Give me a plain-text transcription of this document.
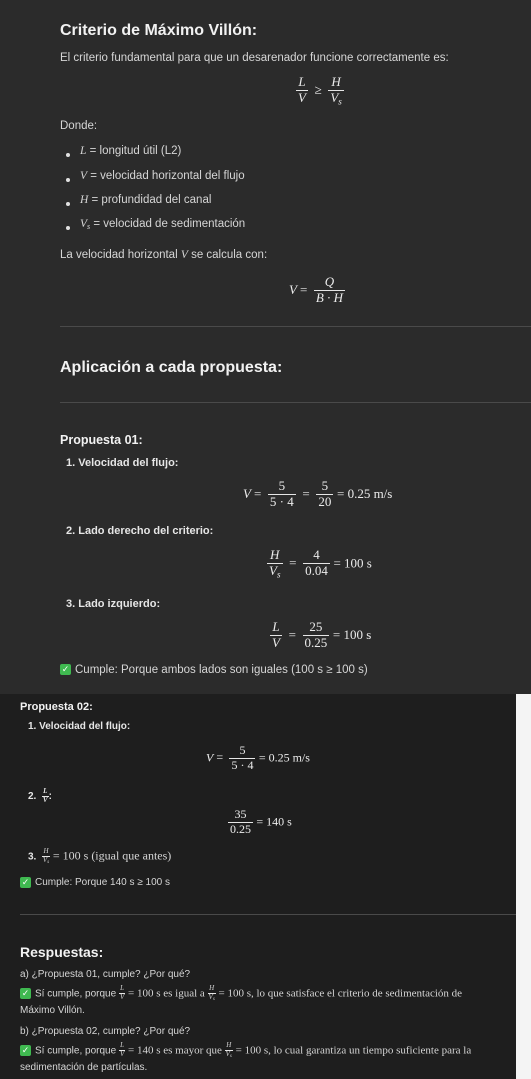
Criterio de Máximo Villón:
El criterio fundamental para que un desarenador funcione correctamente es:
$\frac{L}{V} \ge \frac{H}{V_s}$
Donde:
L = longitud útil (L2)
V = velocidad horizontal del flujo
H = profundidad del canal
$V_s$ = velocidad de sedimentación
La velocidad horizontal V se calcula con:
$V = \frac{Q}{B \cdot H}$
Aplicación a cada propuesta:
Propuesta 01:
1. Velocidad del flujo:
$V = \frac{5}{5 \cdot 4} = \frac{5}{20} = 0.25$ m/s
2. Lado derecho del criterio:
$\frac{H}{V_s} = \frac{4}{0.04} = 100$ s
3. Lado izquierdo:
$\frac{L}{V} = \frac{25}{0.25} = 100$ s
✓ Cumple: Porque ambos lados son iguales (100 s ≥ 100 s)
Propuesta 02:
1. Velocidad del flujo:
$V = \frac{5}{5 \cdot 4} = 0.25$ m/s
2. $\frac{L}{V}$ :
$\frac{35}{0.25} = 140$ s
3. $\frac{H}{V_s} = 100$ s (igual que antes)
✓ Cumple: Porque 140 s ≥ 100 s
Respuestas:
a) ¿Propuesta 01, cumple? ¿Por qué?
✓ Sí cumple, porque $\frac{L}{V} = 100$ s es igual a $\frac{H}{V_s} = 100$ s, lo que satisface el criterio de sedimentación de
Máximo Villón.
b) ¿Propuesta 02, cumple? ¿Por qué?
✓ Sí cumple, porque $\frac{L}{V} = 140$ s es mayor que $\frac{H}{V_s} = 100$ s, lo cual garantiza un tiempo suficiente para la
sedimentación de partículas.
